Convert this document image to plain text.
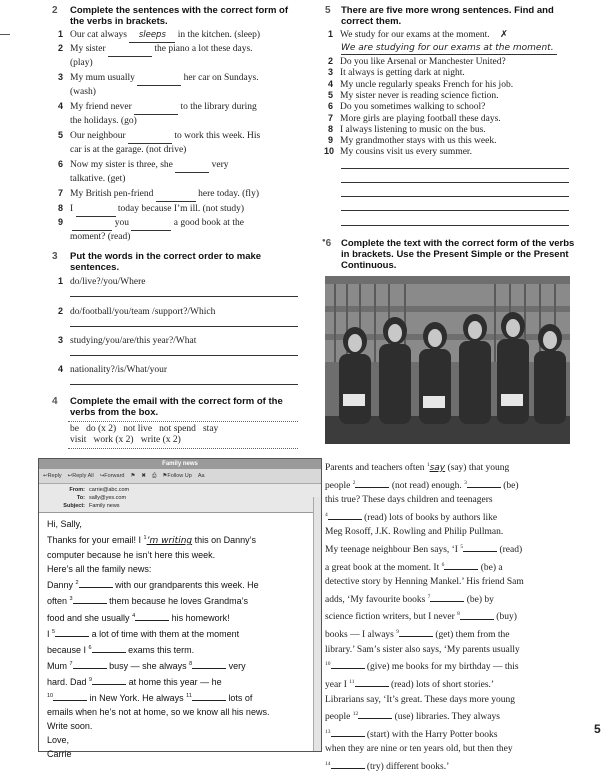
2 Complete the sentences with the correct form of the verbs in brackets.
1 Our cat always sleeps in the kitchen. (sleep)
2 My sister	the piano a lot these days.
(play)
3 My mum usually	her car on Sundays.
(wash)
4 My friend never	to the library during
the holidays. (go)
5 Our neighbour	to work this week. His
car is at the garage. (not drive)
6 Now my sister is three, she	very
talkative. (get)
7 My British pen-friend	here today. (fly)
8 I	today because I’m ill. (not study)
9	you	a good book at the
moment? (read)
3 Put the words in the correct order to make sentences.
1 do/live?/you/Where
2 do/football/you/team /support?/Which
3 studying/you/are/this year?/What
4 nationality?/is/What/your
4 Complete the email with the correct form of the verbs from the box.
be   do (x 2)   not live   not spend   stay
visit   work (x 2)   write (x 2)
Family news
↩Reply ↩Reply All ↪Forward ⚑ ✖ ⎙ ⚑Follow Up Aa
From: carrie@abc.com
To: sally@yes.com
Subject: Family news
Hi, Sally,
Thanks for your email! I $^1$’m writing this on Danny’s
computer because he isn’t here this week.
Here’s all the family news:
Danny $^2$	with our grandparents this week. He
often $^3$	them because he loves Grandma’s
food and she usually $^4$	his homework!
I $^5$	a lot of time with them at the moment
because I $^6$	exams this term.
Mum $^7$	busy — she always $^8$	very
hard. Dad $^9$	at home this year — he
$^{10}$	in New York. He always $^{11}$	lots of
emails when he’s not at home, so we know all his news.
Write soon.
Love,
Carrie
5 There are five more wrong sentences. Find and correct them.
1 We study for our exams at the moment. ✗
We are studying for our exams at the moment.
2 Do you like Arsenal or Manchester United?
3 It always is getting dark at night.
4 My uncle regularly speaks French for his job.
5 My sister never is reading science fiction.
6 Do you sometimes walking to school?
7 More girls are playing football these days.
8 I always listening to music on the bus.
9 My grandmother stays with us this week.
10 My cousins visit us every summer.
●6 Complete the text with the correct form of the verbs in brackets. Use the Present Simple or the Present Continuous.
Parents and teachers often $^1$say (say) that young
people $^2$	(not read) enough. $^3$	(be)
this true? These days children and teenagers
$^4$	(read) lots of books by authors like
Meg Rosoff, J.K. Rowling and Philip Pullman.
My teenage neighbour Ben says, ‘I $^5$	(read)
a great book at the moment. It $^6$	(be) a
detective story by Henning Mankel.’ His friend Sam
adds, ‘My favourite books $^7$	(be) by
science fiction writers, but I never $^8$	(buy)
books — I always $^9$	(get) them from the
library.’ Sam’s sister also says, ‘My parents usually
$^{10}$	(give) me books for my birthday — this
year I $^{11}$	(read) lots of short stories.’
Librarians say, ‘It’s great. These days more young
people $^{12}$	(use) libraries. They always
$^{13}$	(start) with the Harry Potter books
when they are nine or ten years old, but then they
$^{14}$	(try) different books.’
5
